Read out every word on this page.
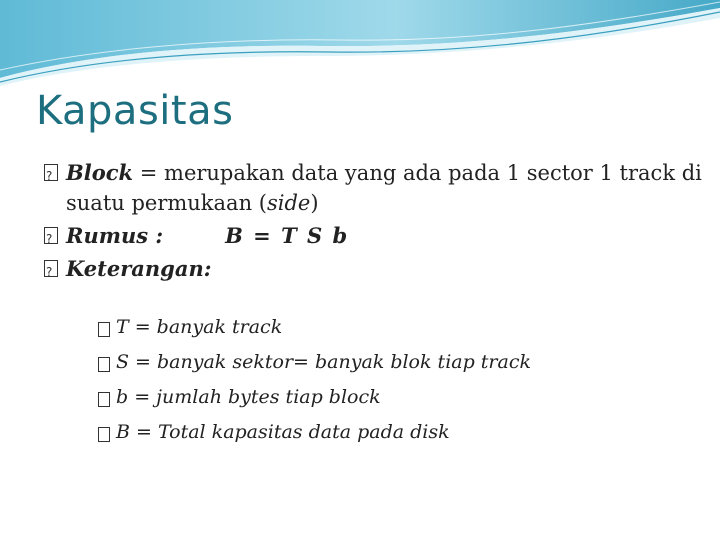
Kapasitas
?
Block = merupakan data yang ada pada 1 sector 1 track di suatu permukaan (side)
?
Rumus :	B = T S b
?
Keterangan:
T = banyak track
S = banyak sektor= banyak blok tiap track
b = jumlah bytes tiap block
B = Total kapasitas data pada disk
